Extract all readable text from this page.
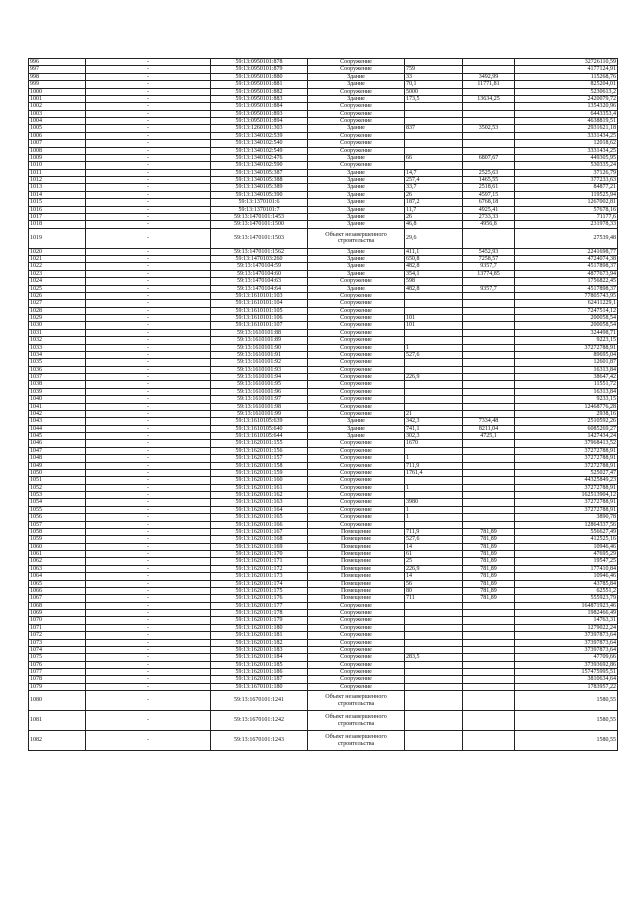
996	-	59:13:0950101:878	Сооружение			32726110,59
997	-	59:13:0950101:879	Сооружение	759		4177124,91
998	-	59:13:0950101:880	Здание	33	3492,99	115268,76
999	-	59:13:0950101:881	Здание	70,1	11771,81	825204,01
1000	-	59:13:0950101:882	Сооружение	5000		5230613,2
1001	-	59:13:0950101:883	Здание	173,5	13634,25	2420079,72
1002	-	59:13:0950101:884	Сооружение			1354320,96
1003	-	59:13:0950101:893	Сооружение			6443353,4
1004	-	59:13:0950101:894	Сооружение			4638819,51
1005	-	59:13:1260101:303	Здание	837	3502,53	2931621,18
1006	-	59:13:1340102:539	Сооружение			3331434,25
1007	-	59:13:1340102:540	Сооружение			12018,62
1008	-	59:13:1340102:549	Сооружение			3331434,25
1009	-	59:13:1340102:476	Здание	66	6807,67	449305,95
1010	-	59:13:1340102:590	Сооружение			530335,24
1011	-	59:13:1340105:387	Здание	14,7	2525,63	37126,79
1012	-	59:13:1340105:388	Здание	257,4	1465,55	377233,63
1013	-	59:13:1340105:389	Здание	33,7	2518,61	84877,21
1014	-	59:13:1340105:390	Здание	26	4597,15	119525,94
1015	-	59:13:1370101:6	Здание	187,2	6768,18	1267002,81
1016	-	59:13:1370101:7	Здание	11,7	4925,41	57678,16
1017	-	59:13:1470101:1453	Здание	26	2733,33	71177,6
1018	-	59:13:1470101:1500	Здание	46,8	4956,8	231978,33
1019	-	59:13:1470101:1503	Объект незавершенного строительства	29,6		27539,48
1020	-	59:13:1470101:1562	Здание	411,1	5452,93	2241698,77
1021	-	59:13:1470103:260	Здание	650,8	7258,57	4724074,38
1022	-	59:13:1470104:59	Здание	482,8	9357,7	4517898,37
1023	-	59:13:1470104:60	Здание	354,1	13774,85	4877673,94
1024	-	59:13:1470104:63	Сооружение	598		1756822,45
1025	-	59:13:1470104:64	Здание	482,8	9357,7	4517898,37
1026	-	59:13:1610101:103	Сооружение			77805743,95
1027	-	59:13:1610101:104	Сооружение			62411229,1
1028	-	59:13:1610101:105	Сооружение			7247514,12
1029	-	59:13:1610101:106	Сооружение	101		200058,54
1030	-	59:13:1610101:107	Сооружение	101		200058,54
1031	-	59:13:1610101:88	Сооружение			324498,71
1032	-	59:13:1610101:89	Сооружение			9223,15
1033	-	59:13:1610101:90	Сооружение	1		37272788,91
1034	-	59:13:1610101:91	Сооружение	527,6		89695,04
1035	-	59:13:1610101:92	Сооружение			12601,87
1036	-	59:13:1610101:93	Сооружение			16313,84
1037	-	59:13:1610101:94	Сооружение	226,9		38647,42
1038	-	59:13:1610101:95	Сооружение			11551,72
1039	-	59:13:1610101:96	Сооружение			16313,84
1040	-	59:13:1610101:97	Сооружение			9233,15
1041	-	59:13:1610101:98	Сооружение			12468776,28
1042	-	59:13:1610101:99	Сооружение	21		2938,16
1043	-	59:13:1610105:639	Здание	342,3	7334,48	2510592,26
1044	-	59:13:1610105:640	Здание	741,1	8211,04	6085269,27
1045	-	59:13:1610105:644	Здание	302,3	4725,1	1427434,24
1046	-	59:13:1620101:155	Сооружение	1670		37968413,52
1047	-	59:13:1620101:156	Сооружение			37272788,91
1048	-	59:13:1620101:157	Сооружение	1		37272788,91
1049	-	59:13:1620101:158	Сооружение	711,9		37272788,91
1050	-	59:13:1620101:159	Сооружение	1761,4		525027,47
1051	-	59:13:1620101:160	Сооружение			44325849,23
1052	-	59:13:1620101:161	Сооружение	1		37272788,91
1053	-	59:13:1620101:162	Сооружение			162513904,12
1054	-	59:13:1620101:163	Сооружение	3980		37272788,91
1055	-	59:13:1620101:164	Сооружение	1		37272788,91
1056	-	59:13:1620101:165	Сооружение	1		3890,78
1057	-	59:13:1620101:166	Сооружение			12864337,56
1058	-	59:13:1620101:167	Помещение	711,9	781,89	556627,49
1059	-	59:13:1620101:168	Помещение	527,6	781,89	412525,16
1060	-	59:13:1620101:169	Помещение	14	781,89	10946,46
1061	-	59:13:1620101:170	Помещение	61	781,89	47695,29
1062	-	59:13:1620101:171	Помещение	25	781,89	19547,25
1063	-	59:13:1620101:172	Помещение	226,9	781,89	177410,84
1064	-	59:13:1620101:173	Помещение	14	781,89	10946,46
1065	-	59:13:1620101:174	Помещение	56	781,89	43785,84
1066	-	59:13:1620101:175	Помещение	80	781,89	62551,2
1067	-	59:13:1620101:176	Помещение	711	781,89	555923,79
1068	-	59:13:1620101:177	Сооружение			164871923,46
1069	-	59:13:1620101:178	Сооружение			1982466,49
1070	-	59:13:1620101:179	Сооружение			14763,31
1071	-	59:13:1620101:180	Сооружение			1279022,24
1072	-	59:13:1620101:181	Сооружение			37397873,64
1073	-	59:13:1620101:182	Сооружение			37397873,64
1074	-	59:13:1620101:183	Сооружение			37397873,64
1075	-	59:13:1620101:184	Сооружение	283,5		47709,66
1076	-	59:13:1620101:185	Сооружение			37393692,86
1077	-	59:13:1620101:186	Сооружение			157475995,51
1078	-	59:13:1620101:187	Сооружение			3810634,64
1079	-	59:13:1670101:180	Сооружение			1783957,22
1080	-	59:13:1670101:1241	Объект незавершенного строительства			1580,55
1081	-	59:13:1670101:1242	Объект незавершенного строительства			1580,55
1082	-	59:13:1670101:1243	Объект незавершенного строительства			1580,55
